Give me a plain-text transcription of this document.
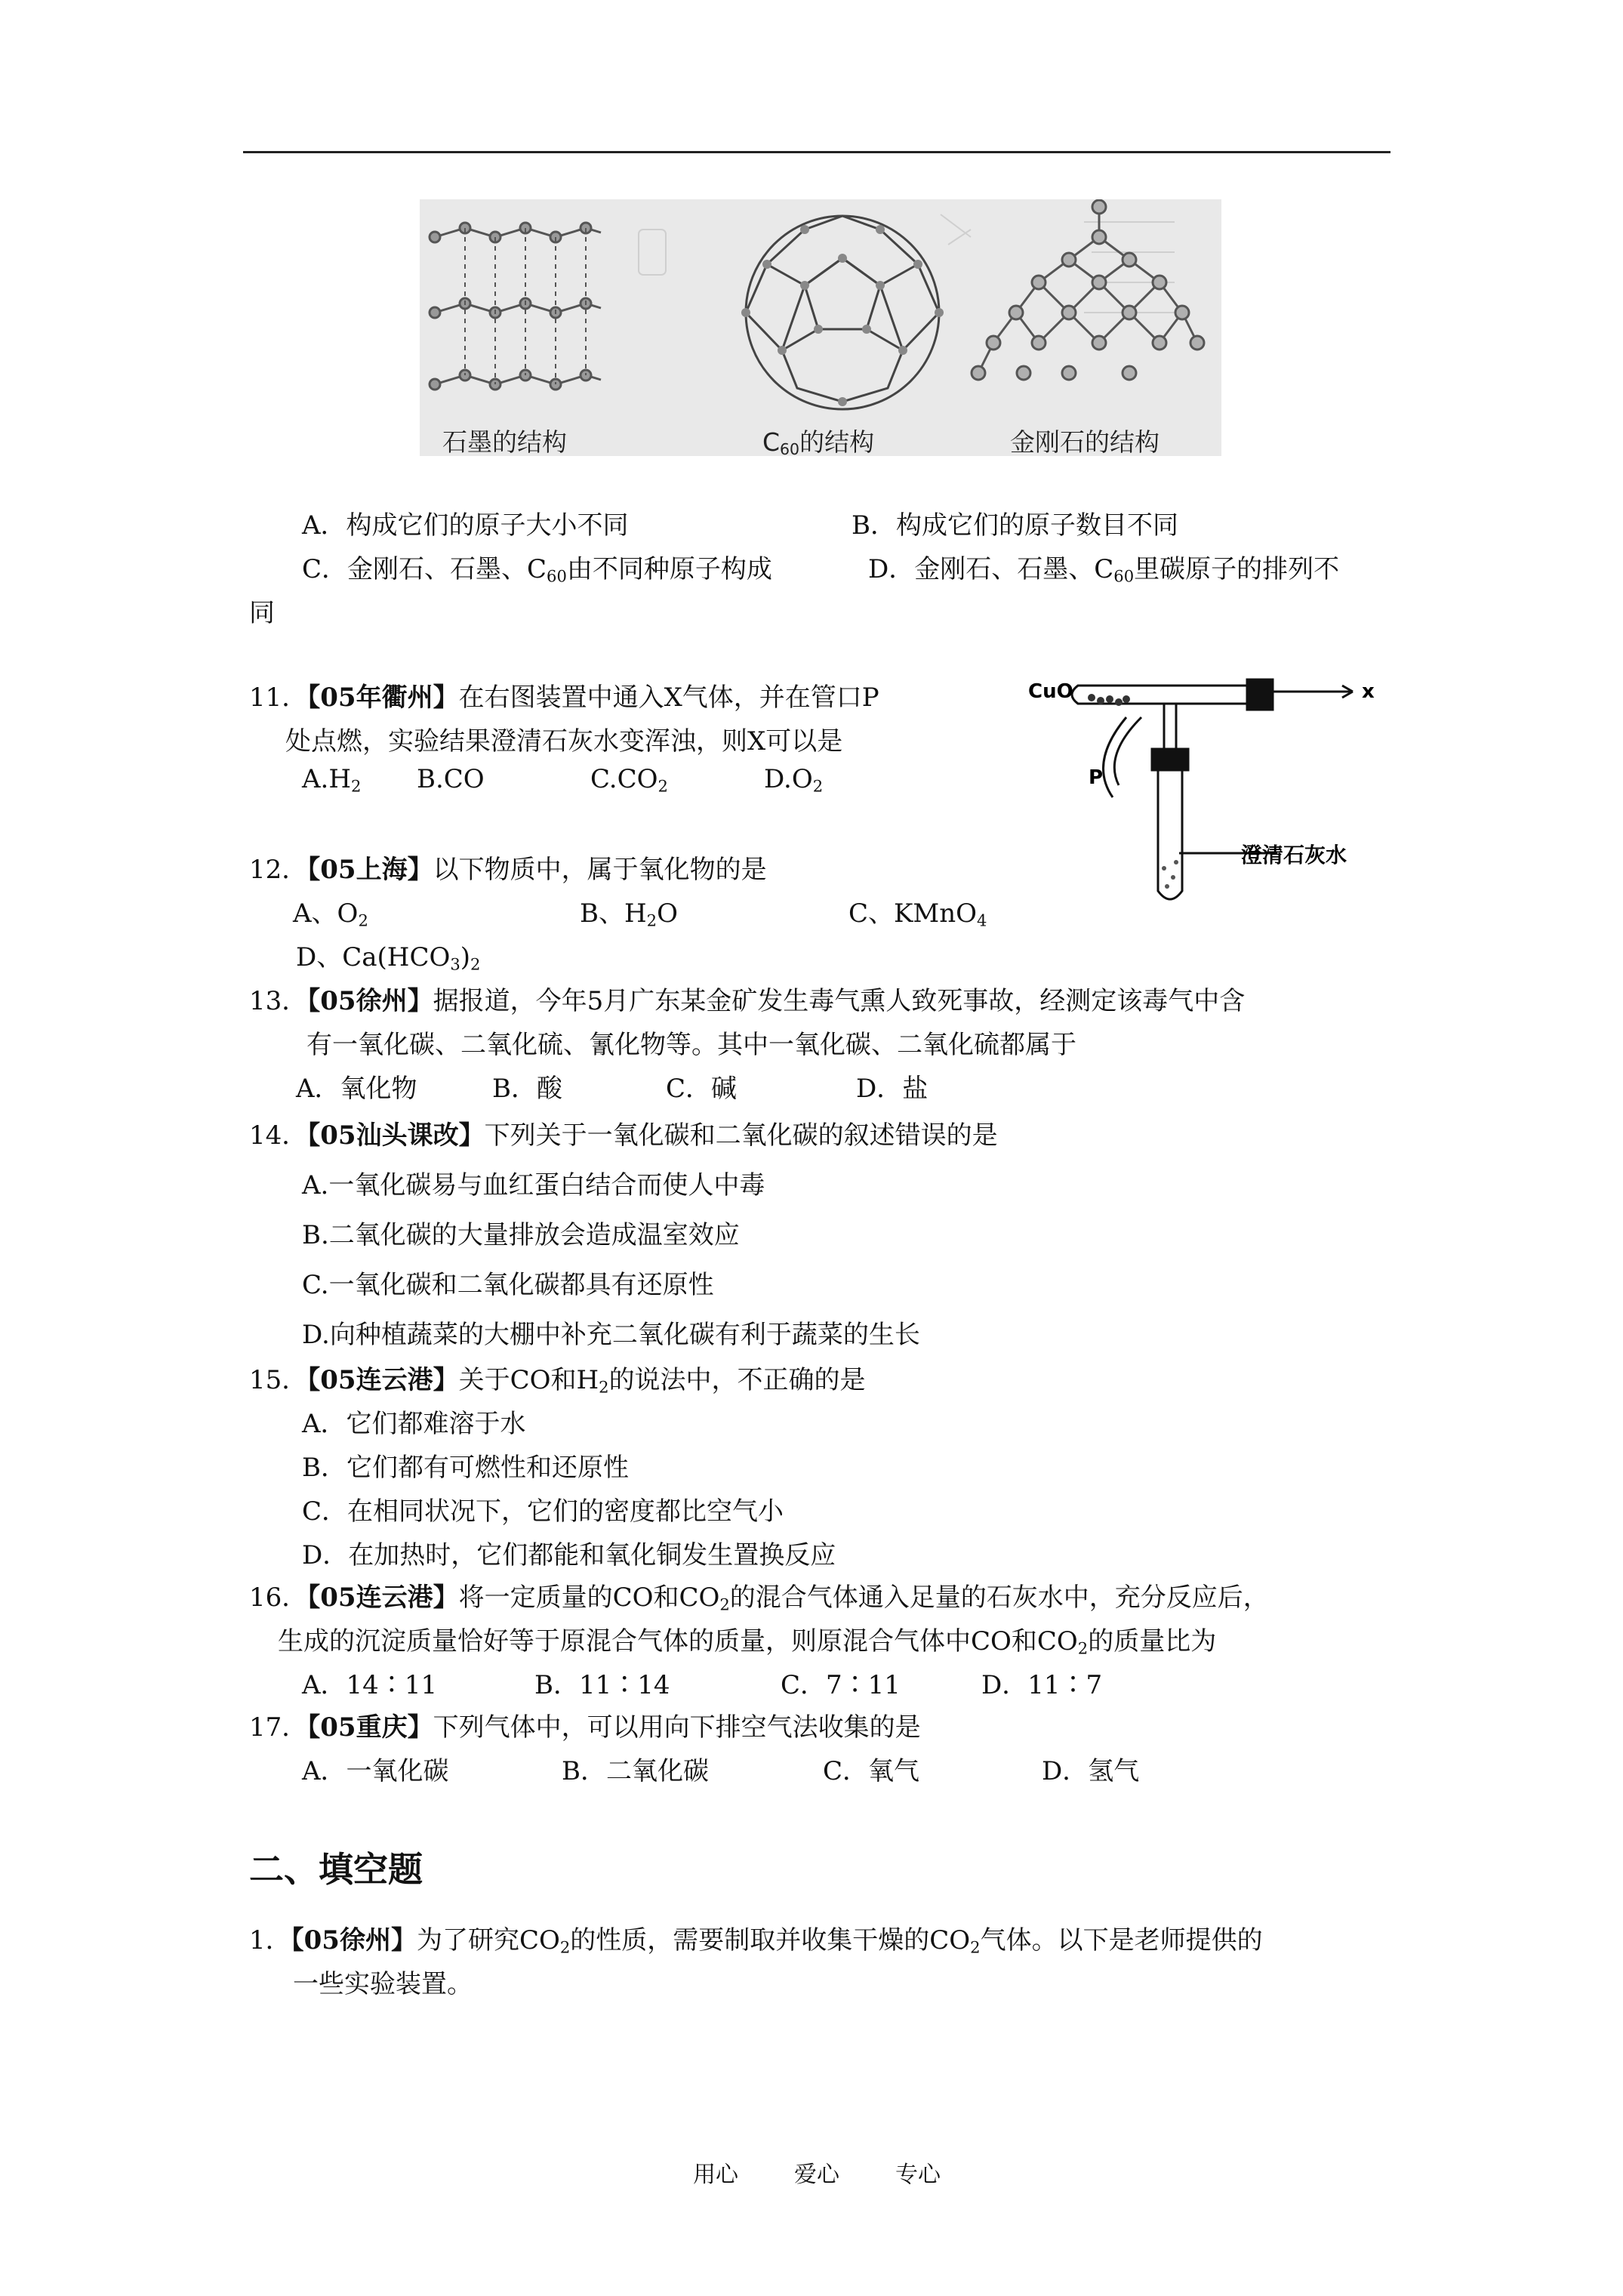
石墨的结构	$C_{60}$的结构	金刚石的结构
A．构成它们的原子大小不同	B．构成它们的原子数目不同
C．金刚石、石墨、$C_{60}$由不同种原子构成	D．金刚石、石墨、$C_{60}$里碳原子的排列不
同
11．【05年衢州】在右图装置中通入X气体，并在管口P
处点燃，实验结果澄清石灰水变浑浊，则X可以是
$A.H_2$ B.CO	$C.CO_2$	$D.O_2$
CuO	x
P
澄清石灰水
12．【05上海】以下物质中，属于氧化物的是
A、$O_2$	B、$H_2O$	C、KMnO$_4$
D、$Ca(HCO_3)_2$
13．【05徐州】据报道，今年5月广东某金矿发生毒气熏人致死事故，经测定该毒气中含
有一氧化碳、二氧化硫、氰化物等。其中一氧化碳、二氧化硫都属于
A．氧化物	B．酸	C．碱	D．盐
14．【05汕头课改】下列关于一氧化碳和二氧化碳的叙述错误的是
A.一氧化碳易与血红蛋白结合而使人中毒
B.二氧化碳的大量排放会造成温室效应
C.一氧化碳和二氧化碳都具有还原性
D.向种植蔬菜的大棚中补充二氧化碳有利于蔬菜的生长
15．【05连云港】关于CO和$H_2$的说法中，不正确的是
A．它们都难溶于水
B．它们都有可燃性和还原性
C．在相同状况下，它们的密度都比空气小
D．在加热时，它们都能和氧化铜发生置换反应
16．【05连云港】将一定质量的CO和$CO_2$的混合气体通入足量的石灰水中，充分反应后，
生成的沉淀质量恰好等于原混合气体的质量，则原混合气体中CO和$CO_2$的质量比为
A．14∶11	B．11∶14	C．7∶11	D．11∶7
17．【05重庆】下列气体中，可以用向下排空气法收集的是
A．一氧化碳	B．二氧化碳	C．氧气	D．氢气
二、填空题
1．【05徐州】为了研究$CO_2$的性质，需要制取并收集干燥的$CO_2$气体。以下是老师提供的
一些实验装置。
用心 爱心 专心
